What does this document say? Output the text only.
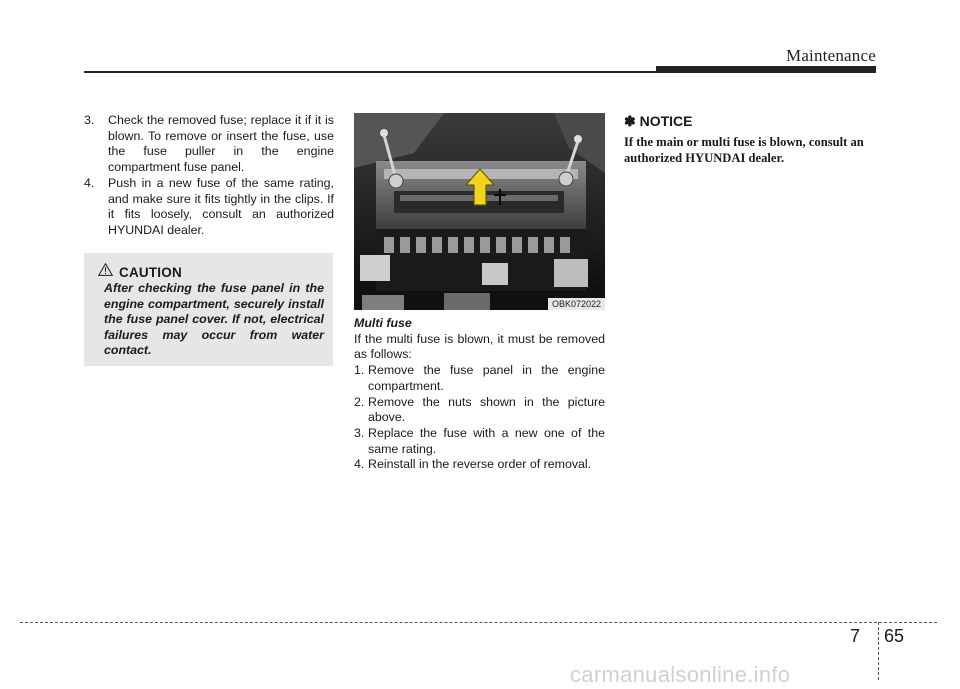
Maintenance

3. Check the removed fuse; replace it if it is blown. To remove or insert the fuse, use the fuse puller in the engine compartment fuse panel.

4. Push in a new fuse of the same rating, and make sure it fits tightly in the clips. If it fits loosely, consult an authorized HYUNDAI dealer.

CAUTION
After checking the fuse panel in the engine compartment, securely install the fuse panel cover. If not, electrical failures may occur from water contact.
OBK072022

Multi fuse

If the multi fuse is blown, it must be removed as follows:

1. Remove the fuse panel in the engine compartment.

2. Remove the nuts shown in the picture above.

3. Replace the fuse with a new one of the same rating.

4. Reinstall in the reverse order of removal.

✽ NOTICE

If the main or multi fuse is blown, consult an authorized HYUNDAI dealer.

7 65
carmanualsonline.info
